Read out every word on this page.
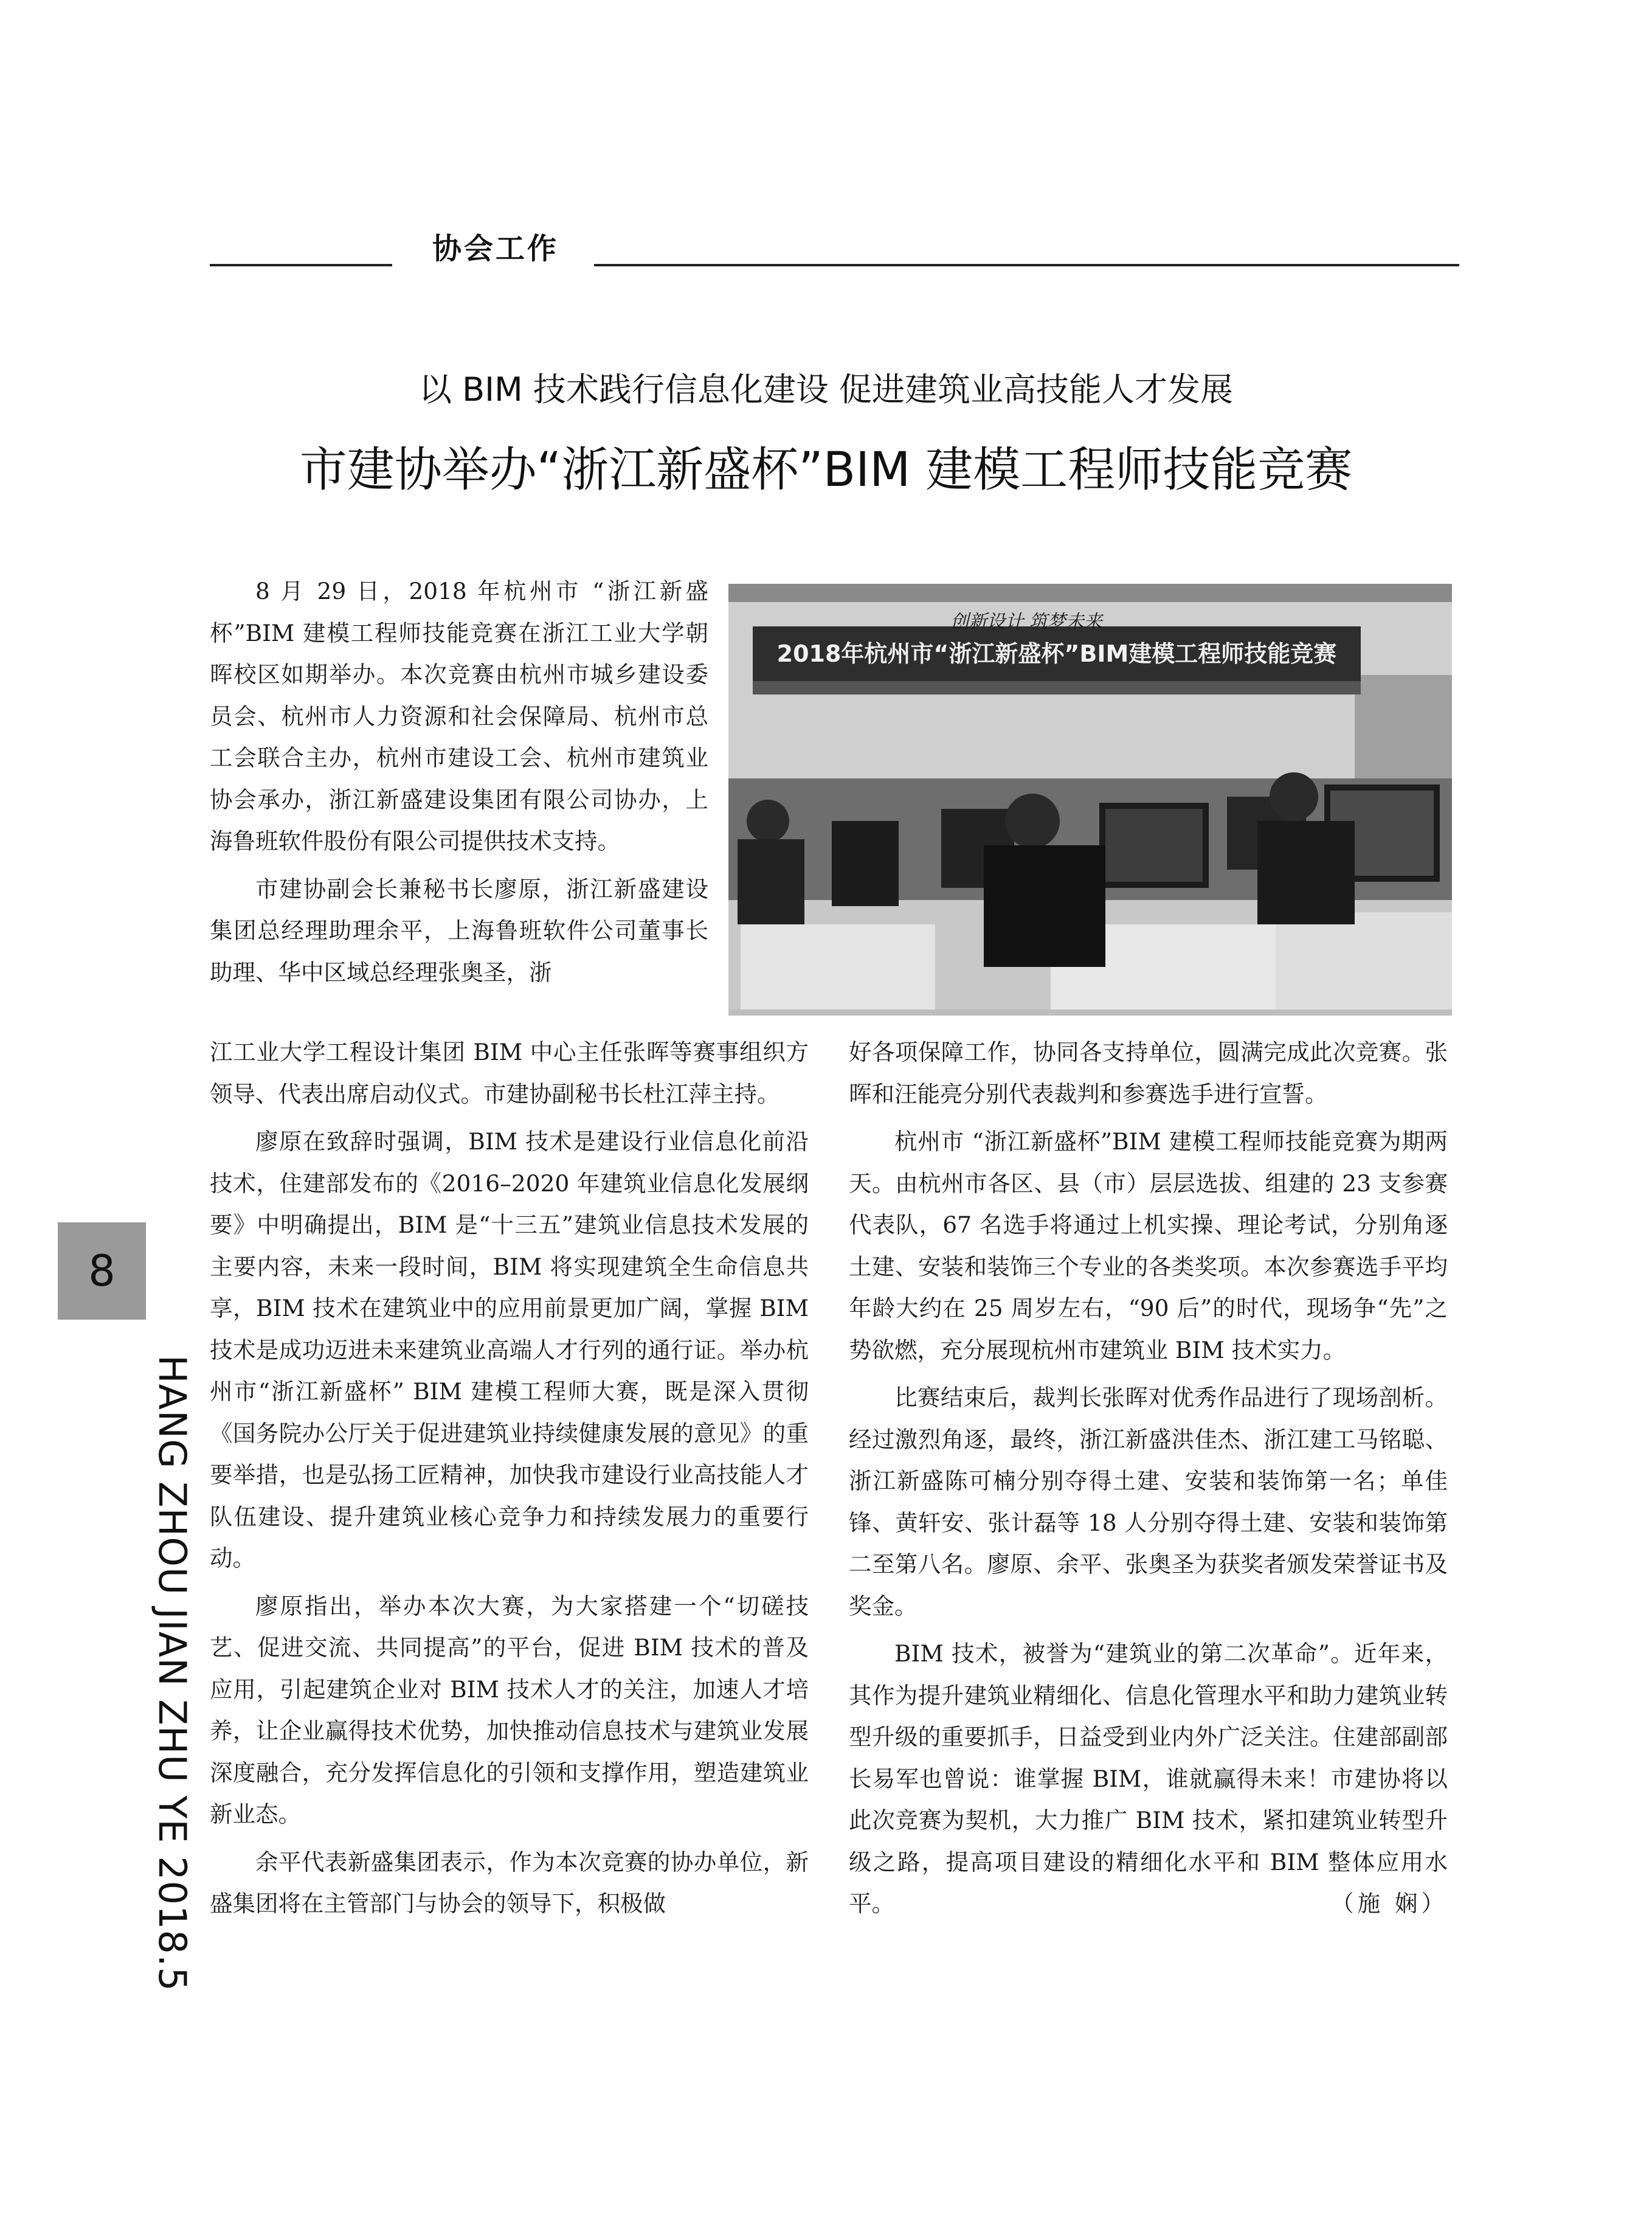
协会工作
以 BIM 技术践行信息化建设 促进建筑业高技能人才发展
市建协举办“浙江新盛杯”BIM 建模工程师技能竞赛

8 月 29 日，2018 年杭州市 “浙江新盛杯”BIM 建模工程师技能竞赛在浙江工业大学朝晖校区如期举办。本次竞赛由杭州市城乡建设委员会、杭州市人力资源和社会保障局、杭州市总工会联合主办，杭州市建设工会、杭州市建筑业协会承办，浙江新盛建设集团有限公司协办，上海鲁班软件股份有限公司提供技术支持。

市建协副会长兼秘书长廖原，浙江新盛建设集团总经理助理余平，上海鲁班软件公司董事长助理、华中区域总经理张奥圣，浙

创新设计 筑梦未来
2018年杭州市“浙江新盛杯”BIM建模工程师技能竞赛

江工业大学工程设计集团 BIM 中心主任张晖等赛事组织方领导、代表出席启动仪式。市建协副秘书长杜江萍主持。

廖原在致辞时强调，BIM 技术是建设行业信息化前沿技术，住建部发布的《2016–2020 年建筑业信息化发展纲要》中明确提出，BIM 是“十三五”建筑业信息技术发展的主要内容，未来一段时间，BIM 将实现建筑全生命信息共享，BIM 技术在建筑业中的应用前景更加广阔，掌握 BIM 技术是成功迈进未来建筑业高端人才行列的通行证。举办杭州市“浙江新盛杯” BIM 建模工程师大赛，既是深入贯彻《国务院办公厅关于促进建筑业持续健康发展的意见》的重要举措，也是弘扬工匠精神，加快我市建设行业高技能人才队伍建设、提升建筑业核心竞争力和持续发展力的重要行动。

廖原指出，举办本次大赛，为大家搭建一个“切磋技艺、促进交流、共同提高”的平台，促进 BIM 技术的普及应用，引起建筑企业对 BIM 技术人才的关注，加速人才培养，让企业赢得技术优势，加快推动信息技术与建筑业发展深度融合，充分发挥信息化的引领和支撑作用，塑造建筑业新业态。

余平代表新盛集团表示，作为本次竞赛的协办单位，新盛集团将在主管部门与协会的领导下，积极做

好各项保障工作，协同各支持单位，圆满完成此次竞赛。张晖和汪能亮分别代表裁判和参赛选手进行宣誓。

杭州市 “浙江新盛杯”BIM 建模工程师技能竞赛为期两天。由杭州市各区、县（市）层层选拔、组建的 23 支参赛代表队，67 名选手将通过上机实操、理论考试，分别角逐土建、安装和装饰三个专业的各类奖项。本次参赛选手平均年龄大约在 25 周岁左右，“90 后”的时代，现场争“先”之势欲燃，充分展现杭州市建筑业 BIM 技术实力。

比赛结束后，裁判长张晖对优秀作品进行了现场剖析。经过激烈角逐，最终，浙江新盛洪佳杰、浙江建工马铭聪、浙江新盛陈可楠分别夺得土建、安装和装饰第一名；单佳锋、黄轩安、张计磊等 18 人分别夺得土建、安装和装饰第二至第八名。廖原、余平、张奥圣为获奖者颁发荣誉证书及奖金。

BIM 技术，被誉为“建筑业的第二次革命”。近年来，其作为提升建筑业精细化、信息化管理水平和助力建筑业转型升级的重要抓手，日益受到业内外广泛关注。住建部副部长易军也曾说：谁掌握 BIM，谁就赢得未来！市建协将以此次竞赛为契机，大力推广 BIM 技术，紧扣建筑业转型升级之路，提高项目建设的精细化水平和 BIM 整体应用水平。	（施 娴）

8
HANG ZHOU JIAN ZHU YE 2018.5
